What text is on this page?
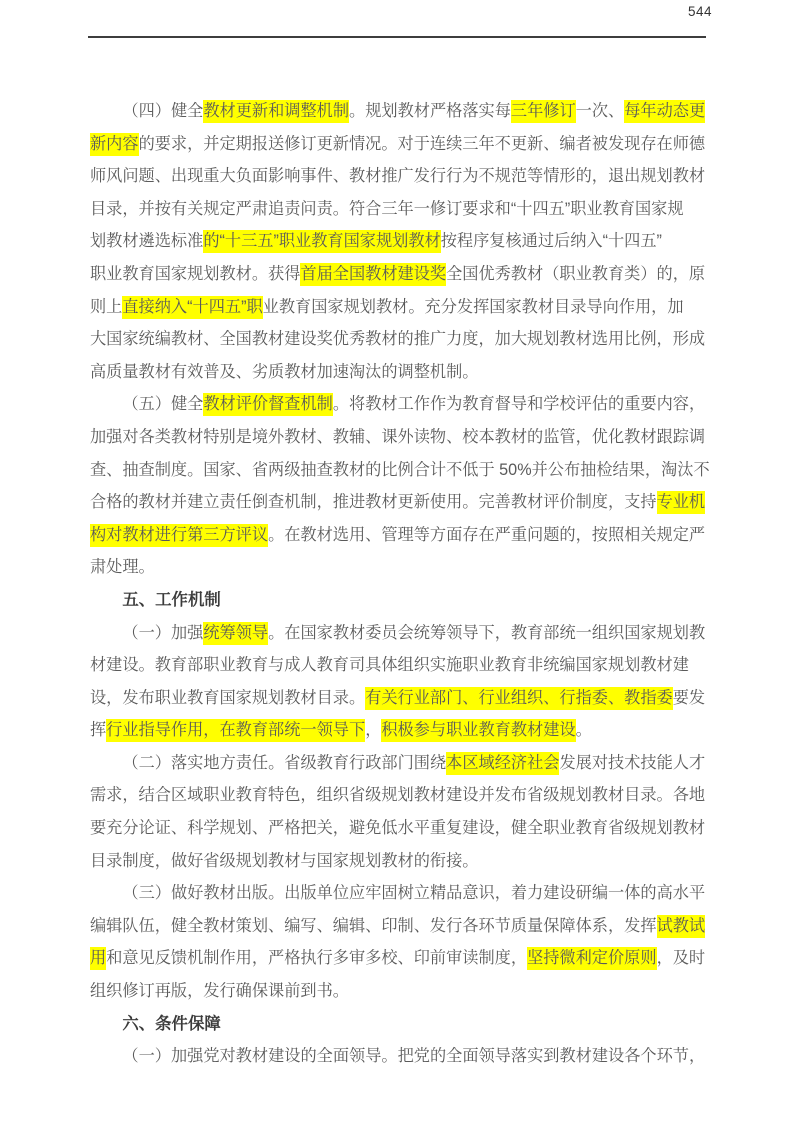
544
（四）健全教材更新和调整机制。规划教材严格落实每三年修订一次、每年动态更
新内容的要求，并定期报送修订更新情况。对于连续三年不更新、编者被发现存在师德
师风问题、出现重大负面影响事件、教材推广发行行为不规范等情形的，退出规划教材
目录，并按有关规定严肃追责问责。符合三年一修订要求和“十四五”职业教育国家规
划教材遴选标准的“十三五”职业教育国家规划教材按程序复核通过后纳入“十四五”
职业教育国家规划教材。获得首届全国教材建设奖全国优秀教材（职业教育类）的，原
则上直接纳入“十四五”职业教育国家规划教材。充分发挥国家教材目录导向作用，加
大国家统编教材、全国教材建设奖优秀教材的推广力度，加大规划教材选用比例，形成
高质量教材有效普及、劣质教材加速淘汰的调整机制。
（五）健全教材评价督查机制。将教材工作作为教育督导和学校评估的重要内容，
加强对各类教材特别是境外教材、教辅、课外读物、校本教材的监管，优化教材跟踪调
查、抽查制度。国家、省两级抽查教材的比例合计不低于 50%并公布抽检结果，淘汰不
合格的教材并建立责任倒查机制，推进教材更新使用。完善教材评价制度，支持专业机
构对教材进行第三方评议。在教材选用、管理等方面存在严重问题的，按照相关规定严
肃处理。
五、工作机制
（一）加强统筹领导。在国家教材委员会统筹领导下，教育部统一组织国家规划教
材建设。教育部职业教育与成人教育司具体组织实施职业教育非统编国家规划教材建
设，发布职业教育国家规划教材目录。有关行业部门、行业组织、行指委、教指委要发
挥行业指导作用，在教育部统一领导下，积极参与职业教育教材建设。
（二）落实地方责任。省级教育行政部门围绕本区域经济社会发展对技术技能人才
需求，结合区域职业教育特色，组织省级规划教材建设并发布省级规划教材目录。各地
要充分论证、科学规划、严格把关，避免低水平重复建设，健全职业教育省级规划教材
目录制度，做好省级规划教材与国家规划教材的衔接。
（三）做好教材出版。出版单位应牢固树立精品意识，着力建设研编一体的高水平
编辑队伍，健全教材策划、编写、编辑、印制、发行各环节质量保障体系，发挥试教试
用和意见反馈机制作用，严格执行多审多校、印前审读制度，坚持微利定价原则，及时
组织修订再版，发行确保课前到书。
六、条件保障
（一）加强党对教材建设的全面领导。把党的全面领导落实到教材建设各个环节，
